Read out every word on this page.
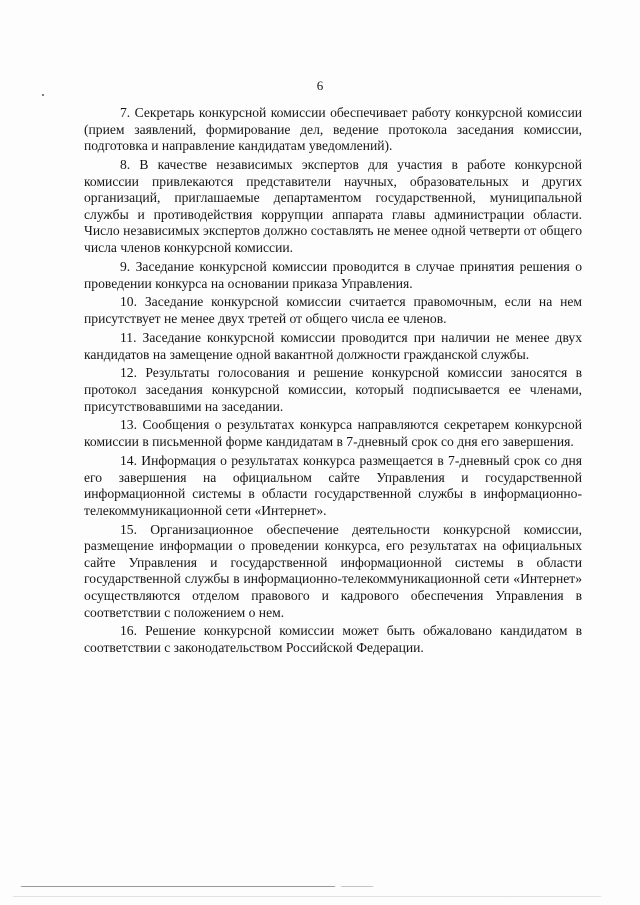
6

7. Секретарь конкурсной комиссии обеспечивает работу конкурсной комиссии (прием заявлений, формирование дел, ведение протокола заседания комиссии, подготовка и направление кандидатам уведомлений).

8. В качестве независимых экспертов для участия в работе конкурсной комиссии привлекаются представители научных, образовательных и других организаций, приглашаемые департаментом государственной, муниципальной службы и противодействия коррупции аппарата главы администрации области. Число независимых экспертов должно составлять не менее одной четверти от общего числа членов конкурсной комиссии.

9. Заседание конкурсной комиссии проводится в случае принятия решения о проведении конкурса на основании приказа Управления.

10. Заседание конкурсной комиссии считается правомочным, если на нем присутствует не менее двух третей от общего числа ее членов.

11. Заседание конкурсной комиссии проводится при наличии не менее двух кандидатов на замещение одной вакантной должности гражданской службы.

12. Результаты голосования и решение конкурсной комиссии заносятся в протокол заседания конкурсной комиссии, который подписывается ее членами, присутствовавшими на заседании.

13. Сообщения о результатах конкурса направляются секретарем конкурсной комиссии в письменной форме кандидатам в 7-дневный срок со дня его завершения.

14. Информация о результатах конкурса размещается в 7-дневный срок со дня его завершения на официальном сайте Управления и государственной информационной системы в области государственной службы в информационно-телекоммуникационной сети «Интернет».

15. Организационное обеспечение деятельности конкурсной комиссии, размещение информации о проведении конкурса, его результатах на официальных сайте Управления и государственной информационной системы в области государственной службы в информационно-телекоммуникационной сети «Интернет» осуществляются отделом правового и кадрового обеспечения Управления в соответствии с положением о нем.

16. Решение конкурсной комиссии может быть обжаловано кандидатом в соответствии с законодательством Российской Федерации.
